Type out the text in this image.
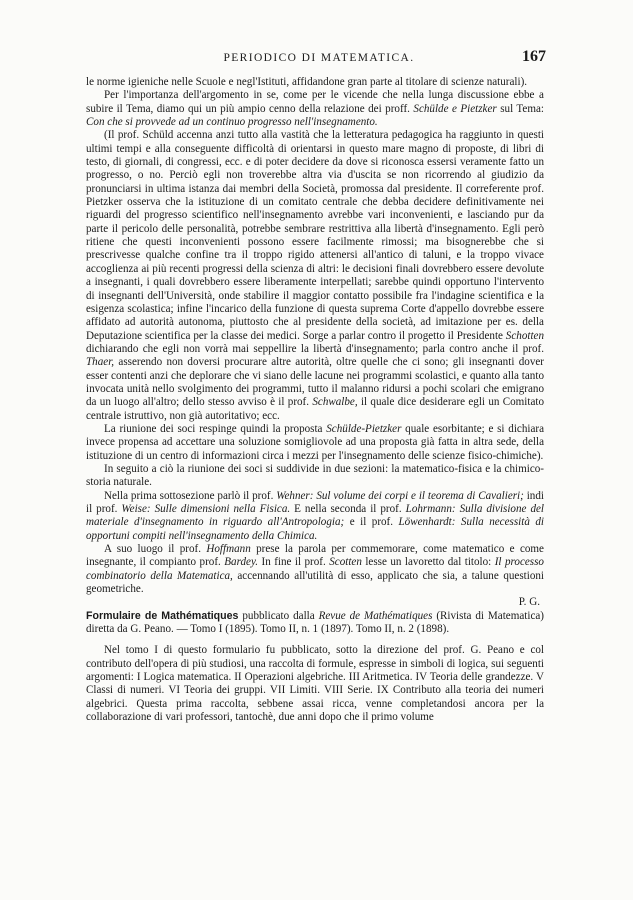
PERIODICO DI MATEMATICA.	167

le norme igieniche nelle Scuole e negl'Istituti, affidandone gran parte al titolare di scienze naturali).

Per l'importanza dell'argomento in se, come per le vicende che nella lunga discussione ebbe a subire il Tema, diamo qui un più ampio cenno della relazione dei proff. Schülde e Pietzker sul Tema: Con che si provvede ad un continuo progresso nell'insegnamento.

(Il prof. Schüld accenna anzi tutto alla vastità che la letteratura pedagogica ha raggiunto in questi ultimi tempi e alla conseguente difficoltà di orientarsi in questo mare magno di proposte, di libri di testo, di giornali, di congressi, ecc. e di poter decidere da dove si riconosca essersi veramente fatto un progresso, o no. Perciò egli non troverebbe altra via d'uscita se non ricorrendo al giudizio da pronunciarsi in ultima istanza dai membri della Società, promossa dal presidente. Il correferente prof. Pietzker osserva che la istituzione di un comitato centrale che debba decidere definitivamente nei riguardi del progresso scientifico nell'insegnamento avrebbe vari inconvenienti, e lasciando pur da parte il pericolo delle personalità, potrebbe sembrare restrittiva alla libertà d'insegnamento. Egli però ritiene che questi inconvenienti possono essere facilmente rimossi; ma bisognerebbe che si prescrivesse qualche confine tra il troppo rigido attenersi all'antico di taluni, e la troppo vivace accoglienza ai più recenti progressi della scienza di altri: le decisioni finali dovrebbero essere devolute a insegnanti, i quali dovrebbero essere liberamente interpellati; sarebbe quindi opportuno l'intervento di insegnanti dell'Università, onde stabilire il maggior contatto possibile fra l'indagine scientifica e la esigenza scolastica; infine l'incarico della funzione di questa suprema Corte d'appello dovrebbe essere affidato ad autorità autonoma, piuttosto che al presidente della società, ad imitazione per es. della Deputazione scientifica per la classe dei medici. Sorge a parlar contro il progetto il Presidente Schotten dichiarando che egli non vorrà mai seppellire la libertà d'insegnamento; parla contro anche il prof. Thaer, asserendo non doversi procurare altre autorità, oltre quelle che ci sono; gli insegnanti dover esser contenti anzi che deplorare che vi siano delle lacune nei programmi scolastici, e quanto alla tanto invocata unità nello svolgimento dei programmi, tutto il malanno ridursi a pochi scolari che emigrano da un luogo all'altro; dello stesso avviso è il prof. Schwalbe, il quale dice desiderare egli un Comitato centrale istruttivo, non già autoritativo; ecc.

La riunione dei soci respinge quindi la proposta Schülde-Pietzker quale esorbitante; e si dichiara invece propensa ad accettare una soluzione somigliovole ad una proposta già fatta in altra sede, della istituzione di un centro di informazioni circa i mezzi per l'insegnamento delle scienze fisico-chimiche).

In seguito a ciò la riunione dei soci si suddivide in due sezioni: la matematico-fisica e la chimico-storia naturale.

Nella prima sottosezione parlò il prof. Wehner: Sul volume dei corpi e il teorema di Cavalieri; indi il prof. Weise: Sulle dimensioni nella Fisica. E nella seconda il prof. Lohrmann: Sulla divisione del materiale d'insegnamento in riguardo all'Antropologia; e il prof. Löwenhardt: Sulla necessità di opportuni compiti nell'insegnamento della Chimica.

A suo luogo il prof. Hoffmann prese la parola per commemorare, come matematico e come insegnante, il compianto prof. Bardey. In fine il prof. Scotten lesse un lavoretto dal titolo: Il processo combinatorio della Matematica, accennando all'utilità di esso, applicato che sia, a talune questioni geometriche.

P. G.

Formulaire de Mathématiques pubblicato dalla Revue de Mathématiques (Rivista di Matematica) diretta da G. Peano. — Tomo I (1895). Tomo II, n. 1 (1897). Tomo II, n. 2 (1898).

Nel tomo I di questo formulario fu pubblicato, sotto la direzione del prof. G. Peano e col contributo dell'opera di più studiosi, una raccolta di formule, espresse in simboli di logica, sui seguenti argomenti: I Logica matematica. II Operazioni algebriche. III Aritmetica. IV Teoria delle grandezze. V Classi di numeri. VI Teoria dei gruppi. VII Limiti. VIII Serie. IX Contributo alla teoria dei numeri algebrici. Questa prima raccolta, sebbene assai ricca, venne completandosi ancora per la collaborazione di vari professori, tantochè, due anni dopo che il primo volume
